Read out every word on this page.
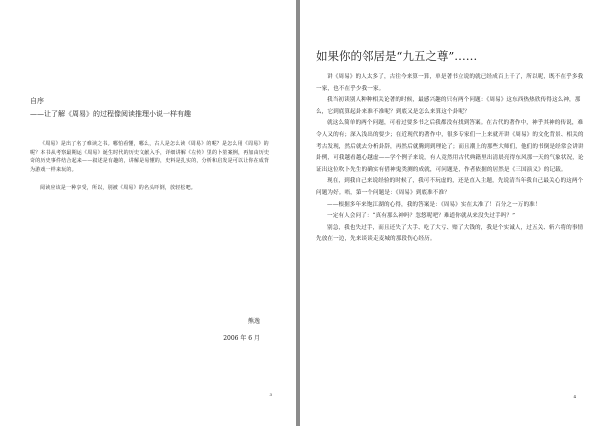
自序
——让了解《周易》的过程像阅读推理小说一样有趣

《周易》是出了名了难读之书。哪怕看懂，哪么，古人是怎么读《周易》的呢？是怎么用《周易》的呢？本书从考察最期运《周易》诞生时代的历史文献入手，详细讲解《左传》里的卜筮案例，再加由历史奇的历史事件结合起来——叙述是有趣的，讲解是易懂的，史料是扎实的，分析和启发是可以让你在成背为游戏一样来玩的。

阅读应该是一种享受，所以，别被《周易》的名头吓倒，放轻松吧。

熊逸
2006 年 6 月
3
如果你的邻居是“九五之尊”……

讲《周易》的人太多了，古往今来算一算，单是著书立说的就已经成百上千了，所以呢，既不在乎多我一家，也不在乎少我一家。

我当初读别人种种相关论著的时候，最感兴趣的只有两个问题：《周易》这东西热热欣传得这么神，那么，它到底算起卦来准不准呢？到底又是怎么来算这个卦呢？

就这么简单的两个问题，可看过要多书之后我都没有找到答案。在古代的著作中，神乎其神的传说，难令人又的有；深入浅出的要少；在近现代的著作中，很多专家们一上来就开讲《周易》的文化背景、相关的考古发现，然后就去分析卦辞，再然后就腾到到理论了；而且潮上的那些大师们，他们的书倒是经常会讲讲卦例，可我越看越心越虚——学个例子来说，有人竟然用古代典籍里出清晨亮得东风那一天的气象状况，论证出这位吹卜先生的确实有借神鬼类测的成就，可问题是，作者依据的居然是《三国演义》的记载。

现在，到我自己来说经验的时候了，我可不玩虚的，还是直入主题，先说清当年我自己最关心的这两个问题为好。唔，第一个问题是：《周易》到底准不准？

——根据多年来饱江湖的心得，我的答案是：《周易》实在太准了！百分之一万的准！

一定有人会问了：“真有那么神吗？忽悠呢吧？难道你就从来没失过手吗？”

别急，我也失过手，而且还失了大手、吃了大亏、赔了大钱的，我是个实诚人，过五关、斩六将的事情先放在一边，先来谈谈走麦城的那段伤心经历。

4
